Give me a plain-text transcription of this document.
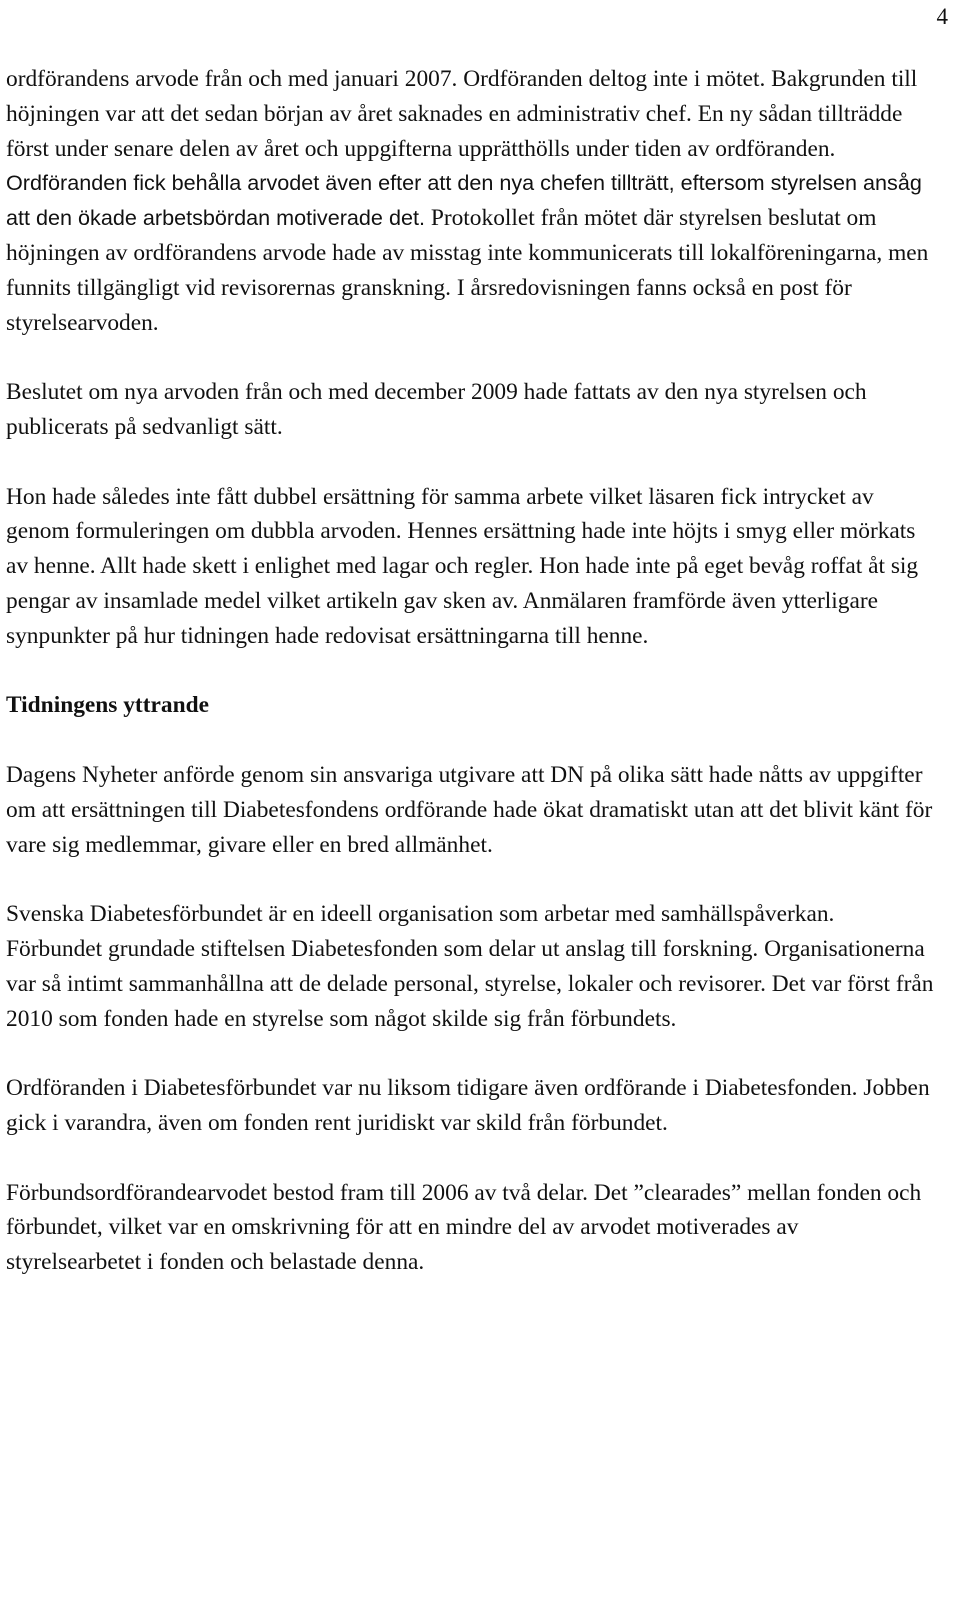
4

ordförandens arvode från och med januari 2007. Ordföranden deltog inte i mötet. Bakgrunden till höjningen var att det sedan början av året saknades en administrativ chef. En ny sådan tillträdde först under senare delen av året och uppgifterna upprätthölls under tiden av ordföranden. Ordföranden fick behålla arvodet även efter att den nya chefen tillträtt, eftersom styrelsen ansåg att den ökade arbetsbördan motiverade det. Protokollet från mötet där styrelsen beslutat om höjningen av ordförandens arvode hade av misstag inte kommunicerats till lokalföreningarna, men funnits tillgängligt vid revisorernas granskning. I årsredovisningen fanns också en post för styrelsearvoden.

Beslutet om nya arvoden från och med december 2009 hade fattats av den nya styrelsen och publicerats på sedvanligt sätt.

Hon hade således inte fått dubbel ersättning för samma arbete vilket läsaren fick intrycket av genom formuleringen om dubbla arvoden. Hennes ersättning hade inte höjts i smyg eller mörkats av henne. Allt hade skett i enlighet med lagar och regler. Hon hade inte på eget bevåg roffat åt sig pengar av insamlade medel vilket artikeln gav sken av. Anmälaren framförde även ytterligare synpunkter på hur tidningen hade redovisat ersättningarna till henne.

Tidningens yttrande

Dagens Nyheter anförde genom sin ansvariga utgivare att DN på olika sätt hade nåtts av uppgifter om att ersättningen till Diabetesfondens ordförande hade ökat dramatiskt utan att det blivit känt för vare sig medlemmar, givare eller en bred allmänhet.

Svenska Diabetesförbundet är en ideell organisation som arbetar med samhällspåverkan. Förbundet grundade stiftelsen Diabetesfonden som delar ut anslag till forskning. Organisationerna var så intimt sammanhållna att de delade personal, styrelse, lokaler och revisorer. Det var först från 2010 som fonden hade en styrelse som något skilde sig från förbundets.

Ordföranden i Diabetesförbundet var nu liksom tidigare även ordförande i Diabetesfonden. Jobben gick i varandra, även om fonden rent juridiskt var skild från förbundet.

Förbundsordförandearvodet bestod fram till 2006 av två delar. Det ”clearades” mellan fonden och förbundet, vilket var en omskrivning för att en mindre del av arvodet motiverades av styrelsearbetet i fonden och belastade denna.
